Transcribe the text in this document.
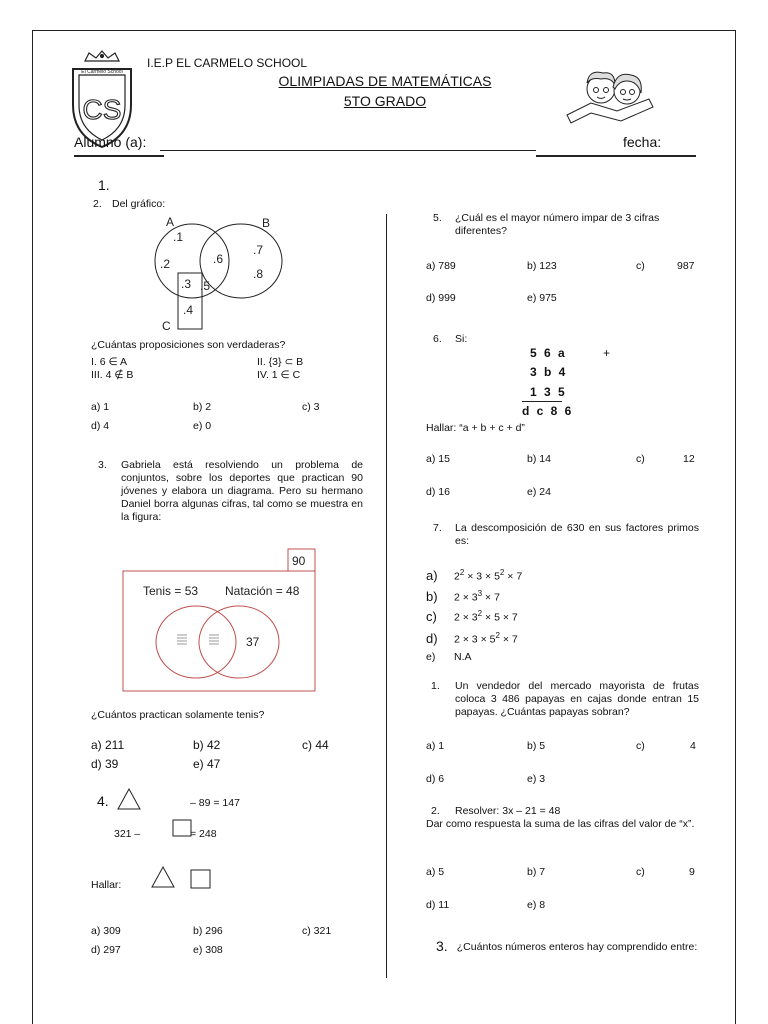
El Carmelo School
CS
I.E.P EL CARMELO SCHOOL
OLIMPIADAS DE MATEMÁTICAS
5TO GRADO
Alumno (a):	fecha:
1.
2. Del gráfico:
A	B
C
.1
.2	.6
.7
.8
.3 .5
.4
¿Cuántas proposiciones son verdaderas?
I. 6 ∈ A	II. {3} ⊂ B
III. 4 ∉ B	IV. 1 ∈ C
a) 1	b) 2	c) 3
d) 4	e) 0
3. Gabriela está resolviendo un problema de conjuntos, sobre los deportes que practican 90 jóvenes y elabora un diagrama. Pero su hermano Daniel borra algunas cifras, tal como se muestra en la figura:
90
Tenis = 53 Natación = 48
37
¿Cuántos practican solamente tenis?
a) 211	b) 42	c) 44
d) 39	e) 47
4.	– 89 = 147
321 –	= 248
Hallar:
a) 309	b) 296	c) 321
d) 297	e) 308
5. ¿Cuál es el mayor número impar de 3 cifras diferentes?
a) 789	b) 123	c)	987
d) 999	e) 975
6. Si:
5 6 a	+
3 b 4
1 3 5
d c 8 6
Hallar: “a + b + c + d”
a) 15	b) 14	c)	12
d) 16	e) 24
7. La descomposición de 630 en sus factores primos es:
a) $2^2 \times 3 \times 5^2 \times 7$
b) $2 \times 3^3 \times 7$
c) $2 \times 3^2 \times 5 \times 7$
d) $2 \times 3 \times 5^2 \times 7$
e) N.A
1. Un vendedor del mercado mayorista de frutas coloca 3 486 papayas en cajas donde entran 15 papayas. ¿Cuántas papayas sobran?
a) 1	b) 5	c)	4
d) 6	e) 3
2. Resolver: 3x – 21 = 48
Dar como respuesta la suma de las cifras del valor de “x”.
a) 5	b) 7	c)	9
d) 11	e) 8
3. ¿Cuántos números enteros hay comprendido entre:
